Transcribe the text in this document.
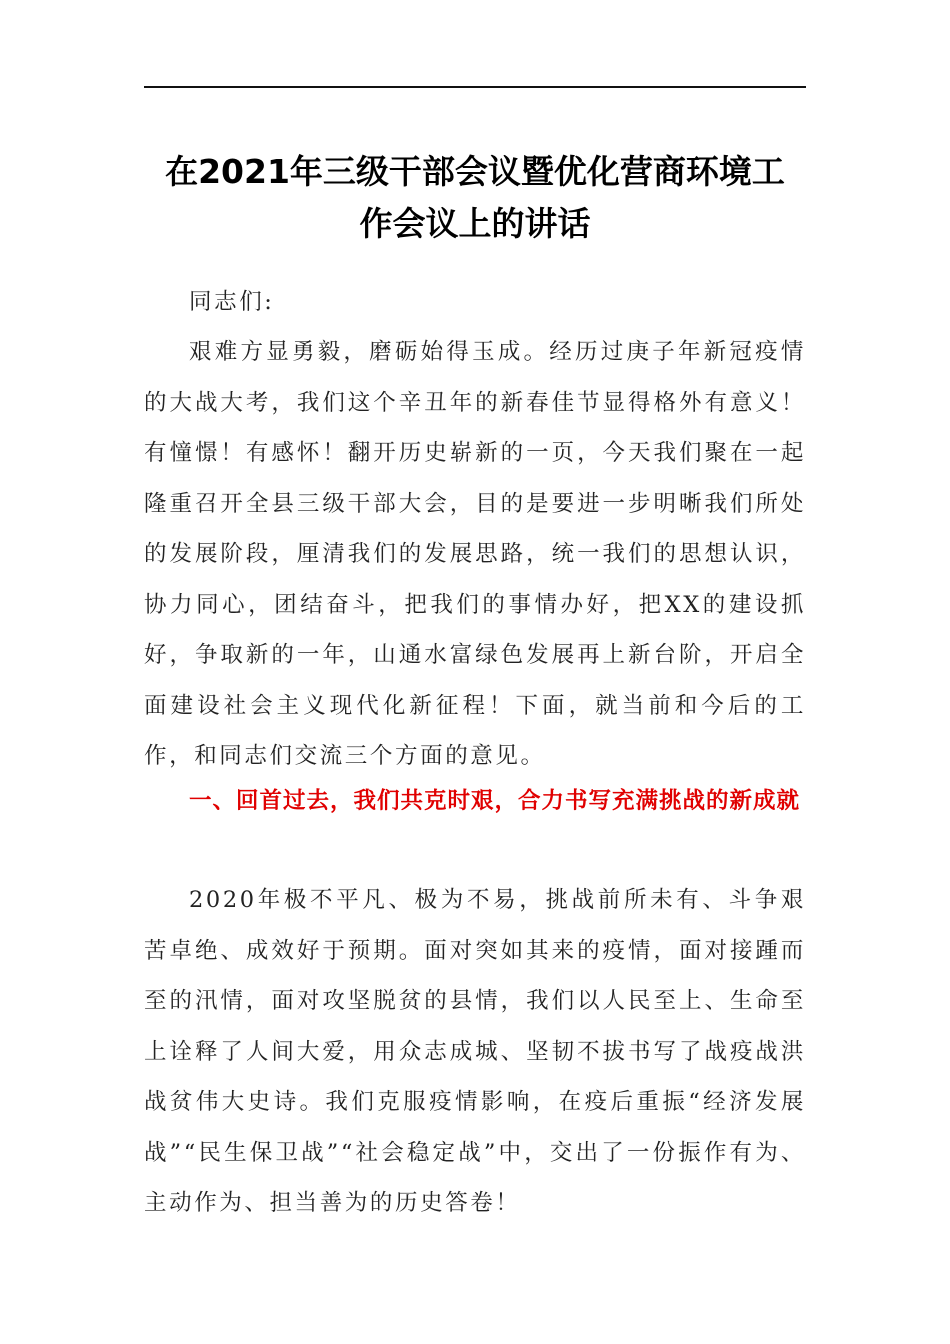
在2021年三级干部会议暨优化营商环境工
作会议上的讲话

同志们:

艰难方显勇毅，磨砺始得玉成。经历过庚子年新冠疫情的大战大考，我们这个辛丑年的新春佳节显得格外有意义！有憧憬！有感怀！翻开历史崭新的一页，今天我们聚在一起隆重召开全县三级干部大会，目的是要进一步明晰我们所处的发展阶段，厘清我们的发展思路，统一我们的思想认识，协力同心，团结奋斗，把我们的事情办好，把XX的建设抓好，争取新的一年，山通水富绿色发展再上新台阶，开启全面建设社会主义现代化新征程！下面，就当前和今后的工作，和同志们交流三个方面的意见。

一、回首过去，我们共克时艰，合力书写充满挑战的新成就

2020年极不平凡、极为不易，挑战前所未有、斗争艰苦卓绝、成效好于预期。面对突如其来的疫情，面对接踵而至的汛情，面对攻坚脱贫的县情，我们以人民至上、生命至上诠释了人间大爱，用众志成城、坚韧不拔书写了战疫战洪战贫伟大史诗。我们克服疫情影响，在疫后重振“经济发展战”“民生保卫战”“社会稳定战”中，交出了一份振作有为、主动作为、担当善为的历史答卷！
